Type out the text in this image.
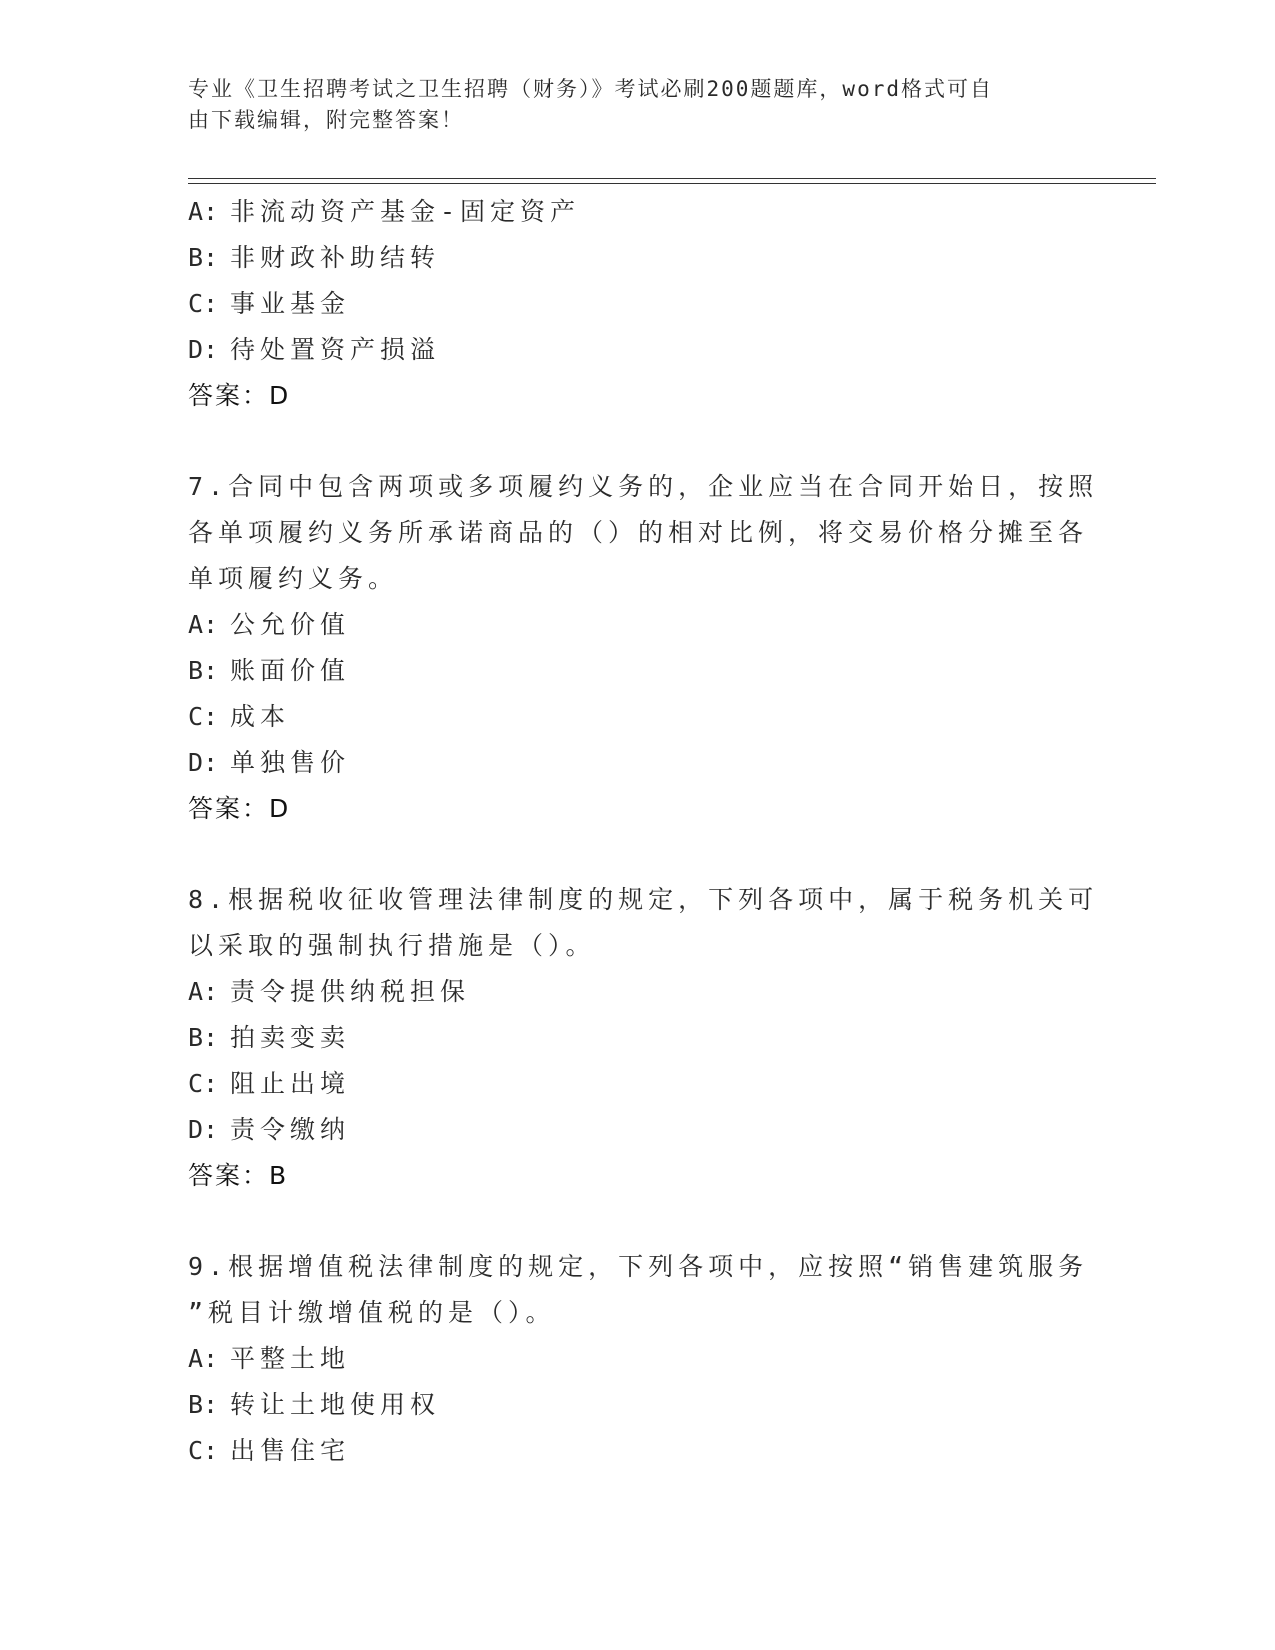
专业《卫生招聘考试之卫生招聘（财务）》考试必刷200题题库，word格式可自
由下载编辑，附完整答案！
A: 非流动资产基金-固定资产
B: 非财政补助结转
C: 事业基金
D: 待处置资产损溢
答案：D
7.合同中包含两项或多项履约义务的，企业应当在合同开始日，按照
各单项履约义务所承诺商品的（）的相对比例，将交易价格分摊至各
单项履约义务。
A: 公允价值
B: 账面价值
C: 成本
D: 单独售价
答案：D
8.根据税收征收管理法律制度的规定，下列各项中，属于税务机关可
以采取的强制执行措施是（）。
A: 责令提供纳税担保
B: 拍卖变卖
C: 阻止出境
D: 责令缴纳
答案：B
9.根据增值税法律制度的规定，下列各项中，应按照“销售建筑服务
”税目计缴增值税的是（）。
A: 平整土地
B: 转让土地使用权
C: 出售住宅
